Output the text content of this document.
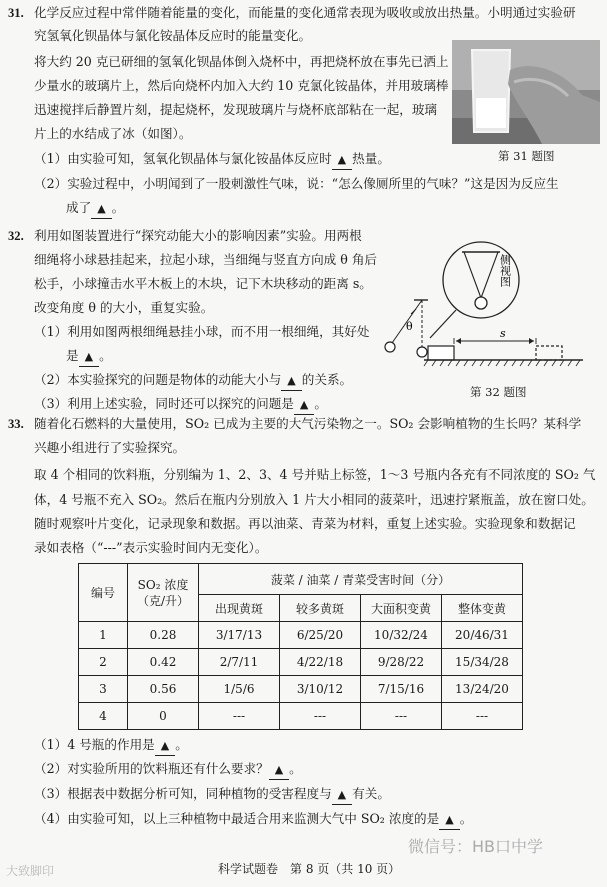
31. 化学反应过程中常伴随着能量的变化，而能量的变化通常表现为吸收或放出热量。小明通过实验研
究氢氧化钡晶体与氯化铵晶体反应时的能量变化。
将大约 20 克已研细的氢氧化钡晶体倒入烧杯中，再把烧杯放在事先已洒上
少量水的玻璃片上，然后向烧杯内加入大约 10 克氯化铵晶体，并用玻璃棒
迅速搅拌后静置片刻，提起烧杯，发现玻璃片与烧杯底部粘在一起，玻璃
片上的水结成了冰（如图）。
第 31 题图
（1）由实验可知，氢氧化钡晶体与氯化铵晶体反应时 ▲ 热量。
（2）实验过程中，小明闻到了一股刺激性气味，说：“怎么像厕所里的气味？”这是因为反应生
成了 ▲ 。
32. 利用如图装置进行“探究动能大小的影响因素”实验。用两根
细绳将小球悬挂起来，拉起小球，当细绳与竖直方向成 θ 角后
松手，小球撞击水平木板上的木块，记下木块移动的距离 s。
改变角度 θ 的大小，重复实验。
（1）利用如图两根细绳悬挂小球，而不用一根细绳，其好处
是 ▲ 。
（2）本实验探究的问题是物体的动能大小与 ▲ 的关系。
（3）利用上述实验，同时还可以探究的问题是 ▲ 。
侧视图
θ
s
第 32 题图
33. 随着化石燃料的大量使用，SO₂ 已成为主要的大气污染物之一。SO₂ 会影响植物的生长吗？某科学
兴趣小组进行了实验探究。
取 4 个相同的饮料瓶，分别编为 1、2、3、4 号并贴上标签，1～3 号瓶内各充有不同浓度的 SO₂ 气
体，4 号瓶不充入 SO₂。然后在瓶内分别放入 1 片大小相同的菠菜叶，迅速拧紧瓶盖，放在窗口处。
随时观察叶片变化，记录现象和数据。再以油菜、青菜为材料，重复上述实验。实验现象和数据记
录如表格（“---”表示实验时间内无变化）。
编号	SO₂ 浓度
（克/升）	菠菜 / 油菜 / 青菜受害时间（分）			
		出现黄斑	较多黄斑	大面积变黄	整体变黄
1	0.28	3/17/13	6/25/20	10/32/24	20/46/31
2	0.42	2/7/11	4/22/18	9/28/22	15/34/28
3	0.56	1/5/6	3/10/12	7/15/16	13/24/20
4	0	---	---	---	---
（1）4 号瓶的作用是 ▲ 。
（2）对实验所用的饮料瓶还有什么要求？ ▲ 。
（3）根据表中数据分析可知，同种植物的受害程度与 ▲ 有关。
（4）由实验可知，以上三种植物中最适合用来监测大气中 SO₂ 浓度的是 ▲ 。
科学试题卷　第 8 页（共 10 页）
大致脚印
微信号：HB口中学
